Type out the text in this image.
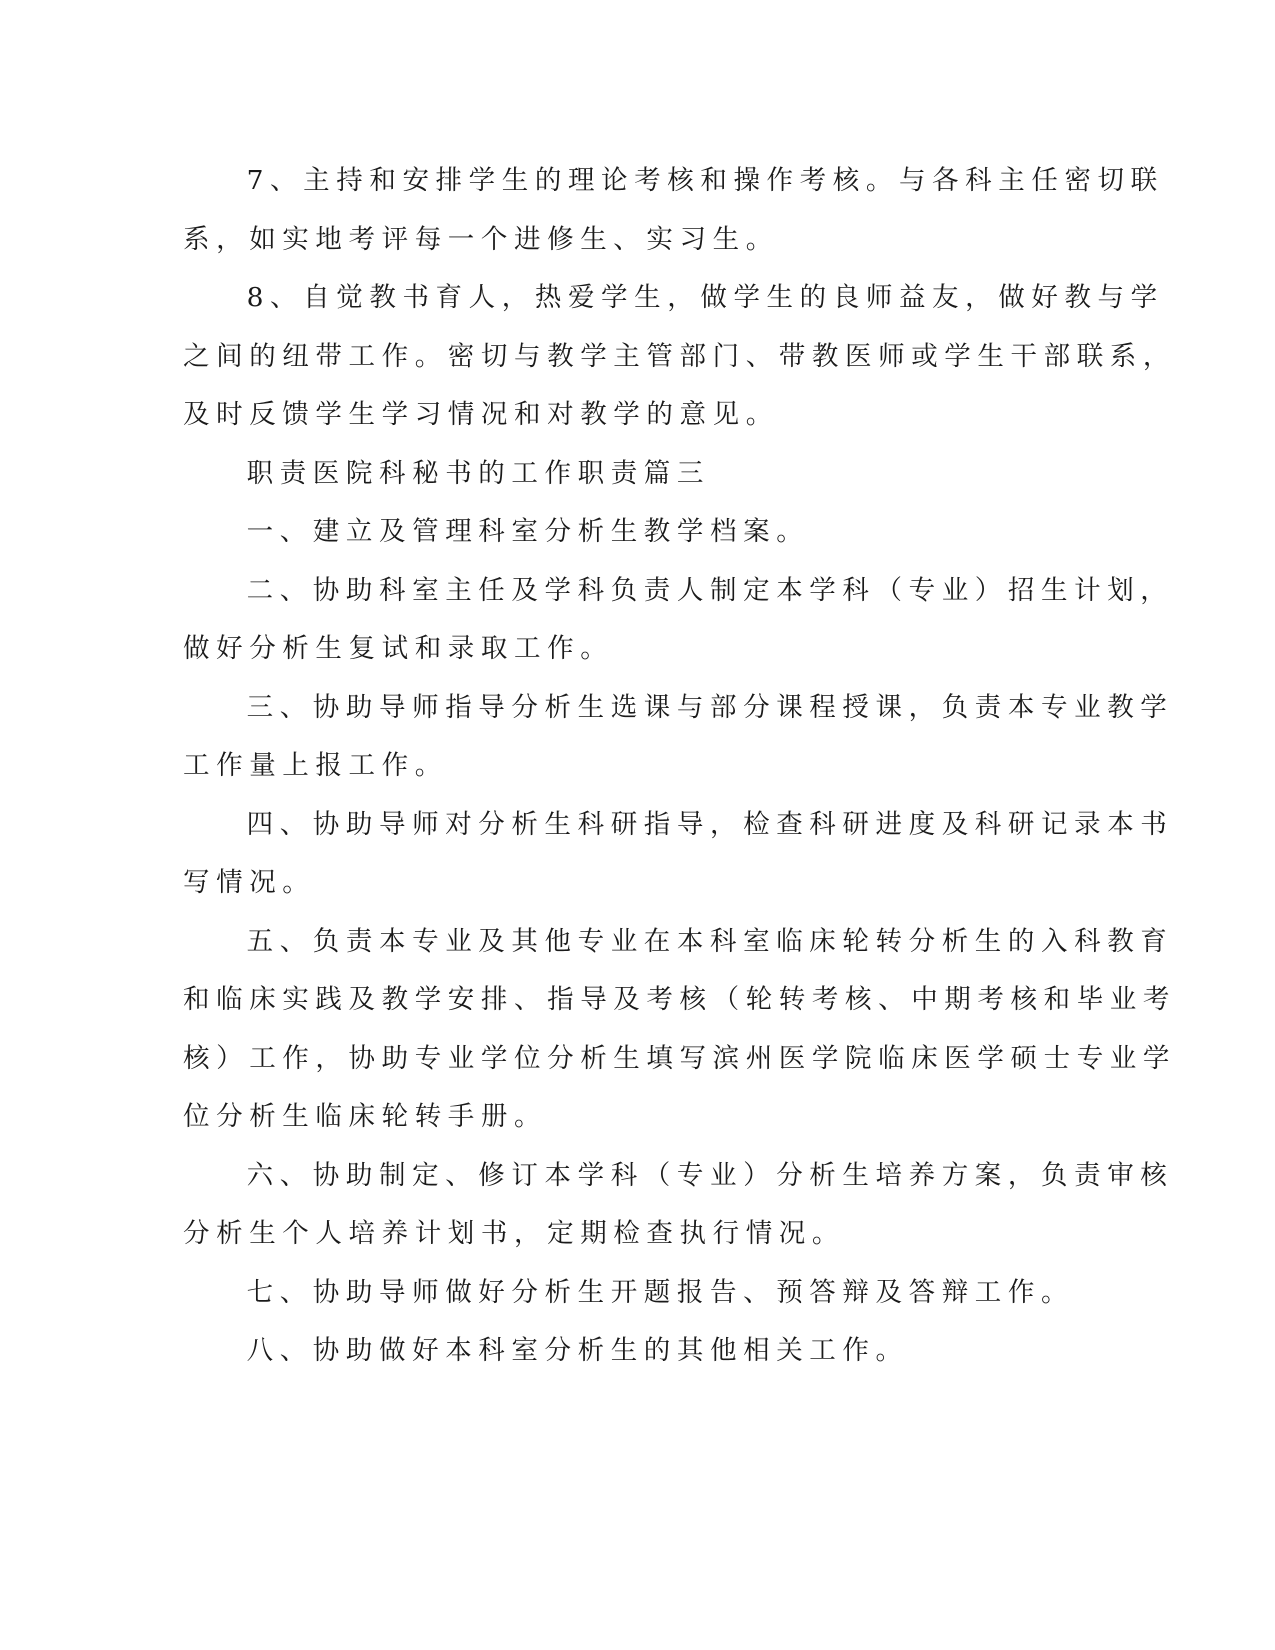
7、主持和安排学生的理论考核和操作考核。与各科主任密切联
系，如实地考评每一个进修生、实习生。

8、自觉教书育人，热爱学生，做学生的良师益友，做好教与学
之间的纽带工作。密切与教学主管部门、带教医师或学生干部联系，
及时反馈学生学习情况和对教学的意见。

职责医院科秘书的工作职责篇三

一、建立及管理科室分析生教学档案。

二、协助科室主任及学科负责人制定本学科（专业）招生计划，
做好分析生复试和录取工作。

三、协助导师指导分析生选课与部分课程授课，负责本专业教学
工作量上报工作。

四、协助导师对分析生科研指导，检查科研进度及科研记录本书
写情况。

五、负责本专业及其他专业在本科室临床轮转分析生的入科教育
和临床实践及教学安排、指导及考核（轮转考核、中期考核和毕业考
核）工作，协助专业学位分析生填写滨州医学院临床医学硕士专业学
位分析生临床轮转手册。

六、协助制定、修订本学科（专业）分析生培养方案，负责审核
分析生个人培养计划书，定期检查执行情况。

七、协助导师做好分析生开题报告、预答辩及答辩工作。

八、协助做好本科室分析生的其他相关工作。
